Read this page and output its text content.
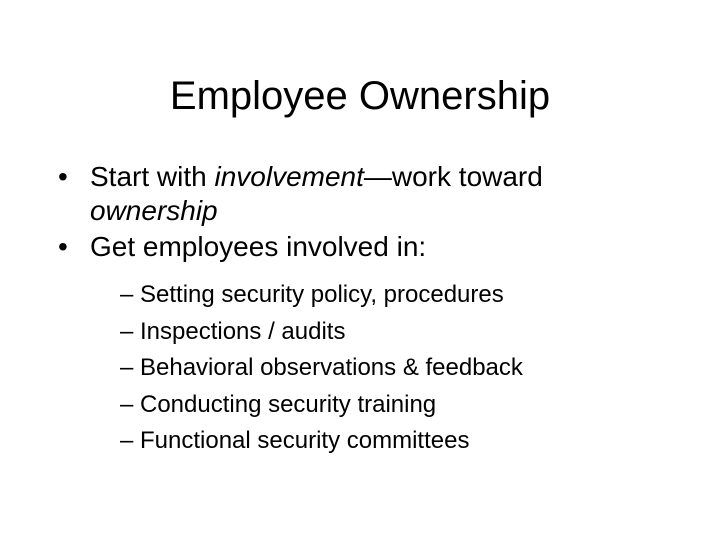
Employee Ownership
• Start with involvement—work toward
ownership
• Get employees involved in:
– Setting security policy, procedures
– Inspections / audits
– Behavioral observations & feedback
– Conducting security training
– Functional security committees
